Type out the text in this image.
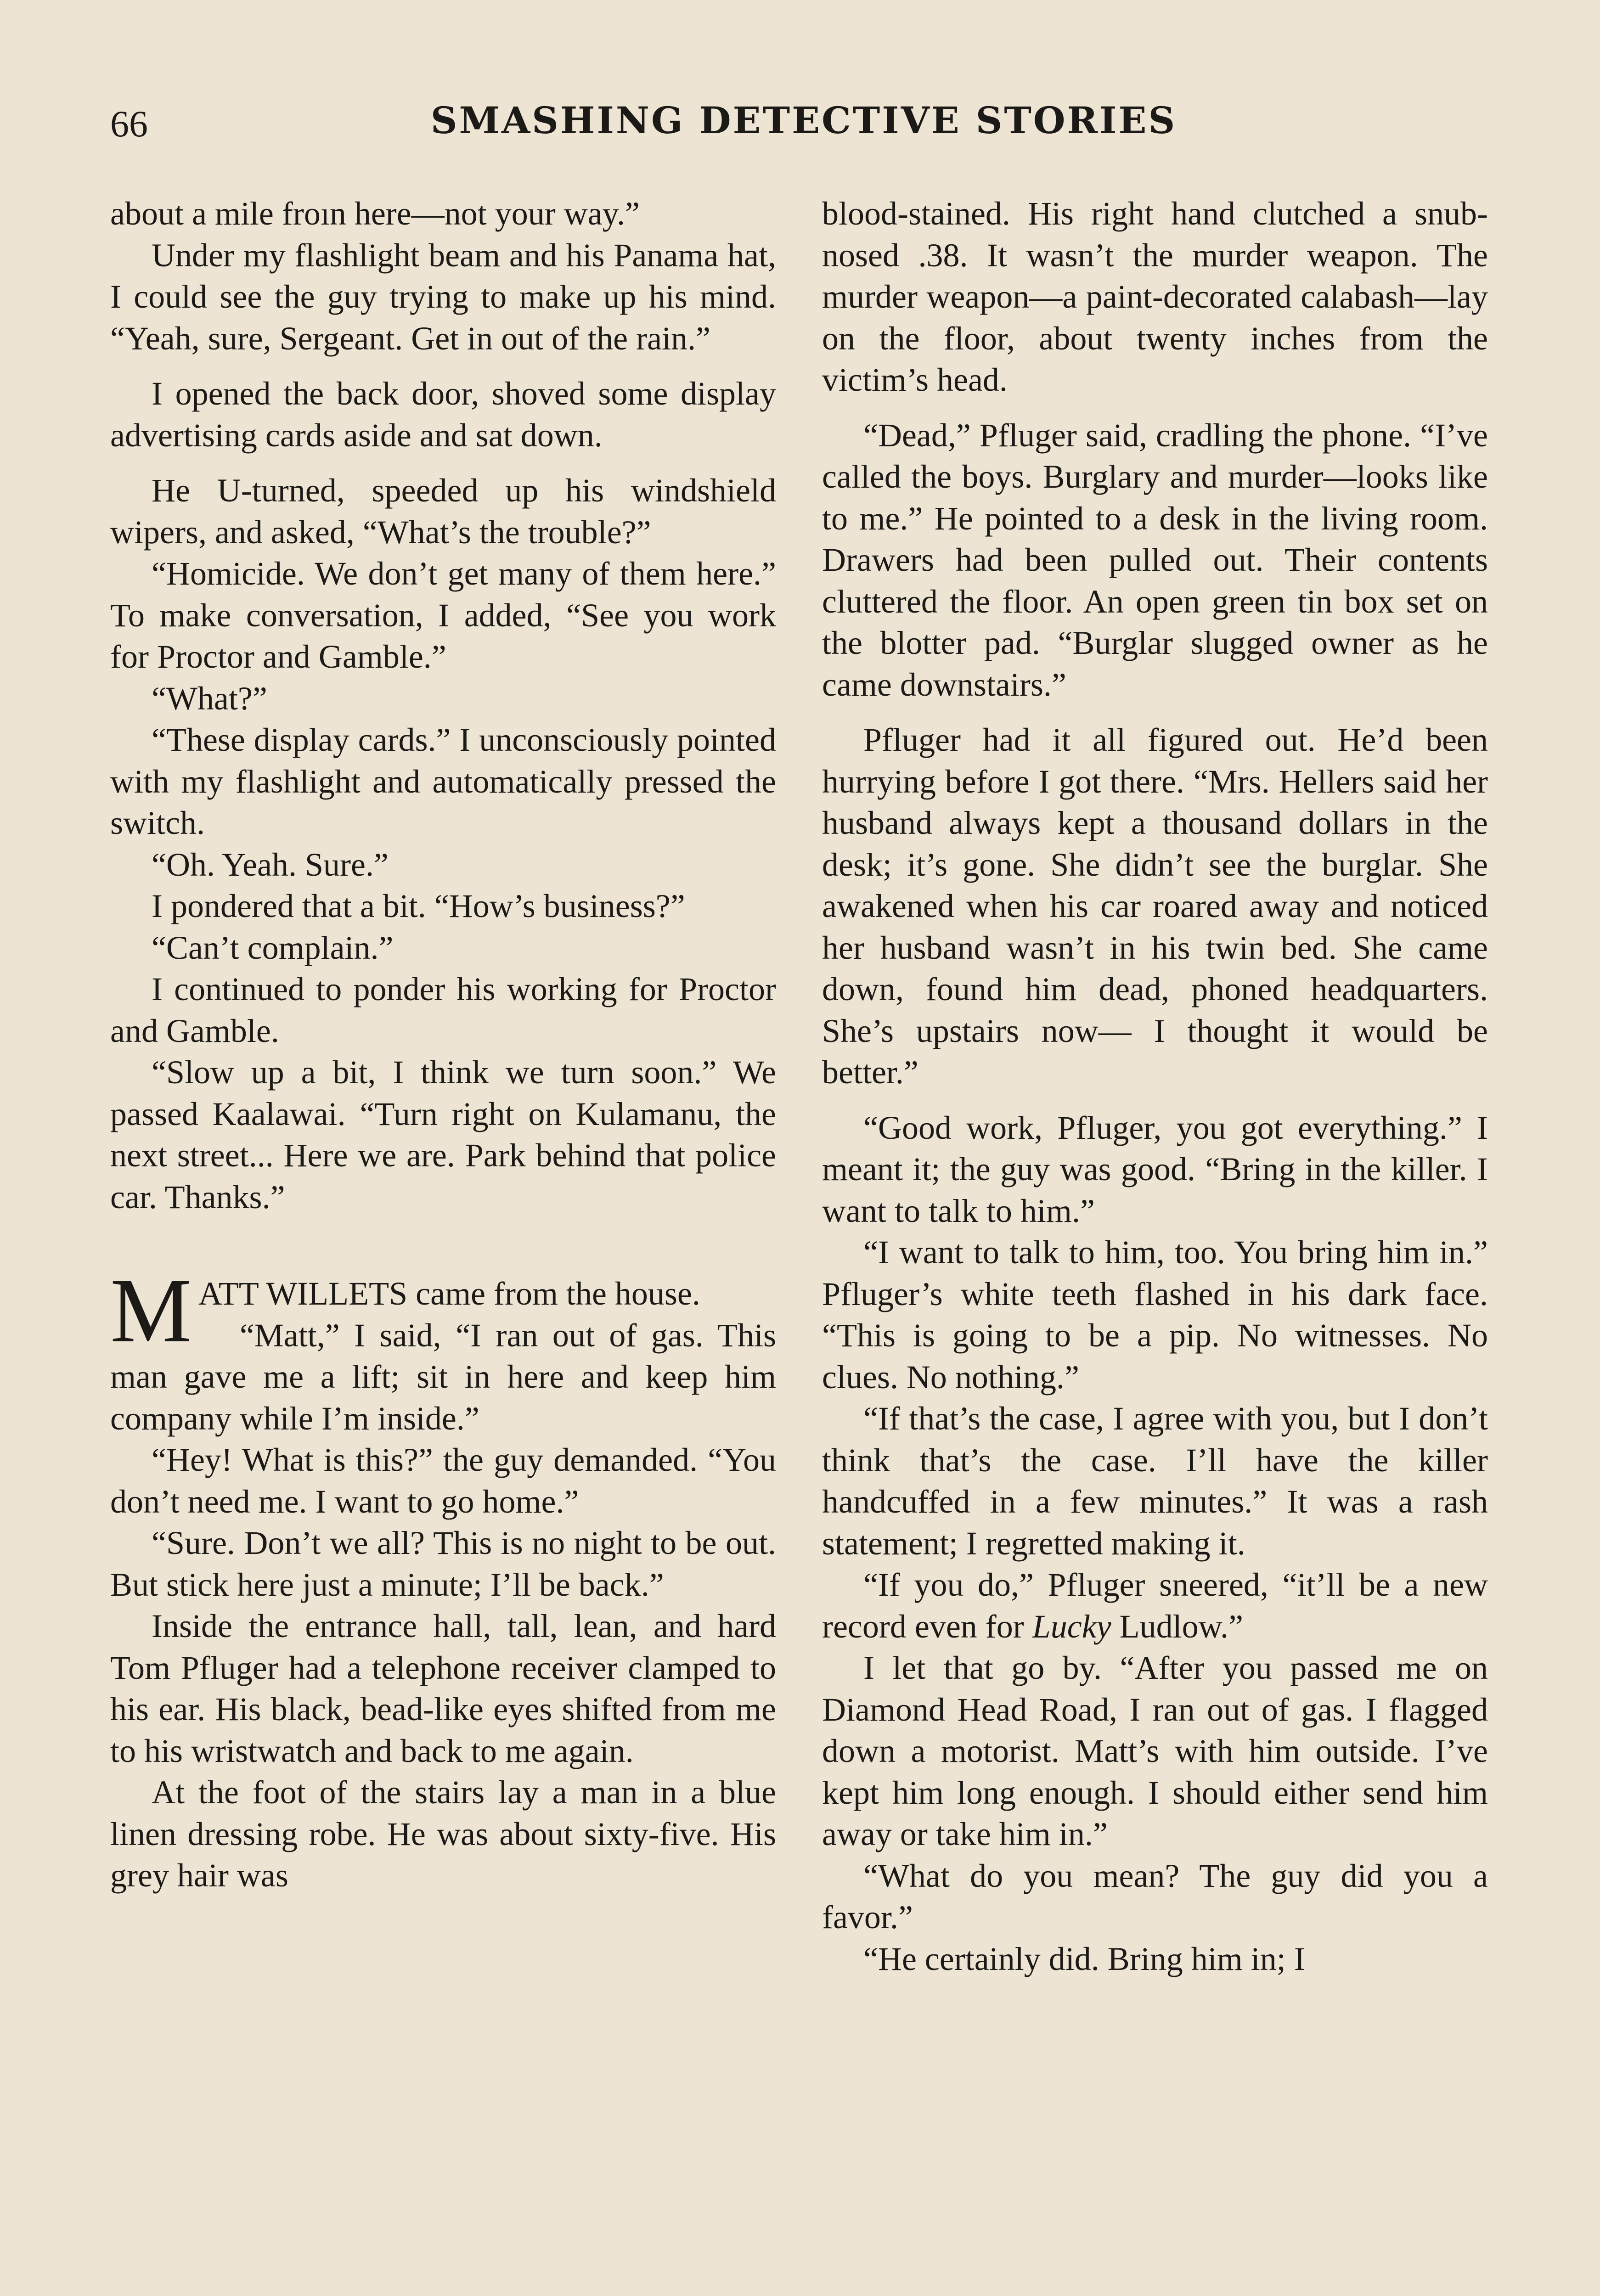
66	SMASHING DETECTIVE STORIES

about a mile froın here—not your way.”

Under my flashlight beam and his Panama hat, I could see the guy trying to make up his mind. “Yeah, sure, Sergeant. Get in out of the rain.”

I opened the back door, shoved some display advertising cards aside and sat down.

He U-turned, speeded up his windshield wipers, and asked, “What’s the trouble?”

“Homicide. We don’t get many of them here.” To make conversation, I added, “See you work for Proctor and Gamble.”

“What?”

“These display cards.” I unconsciously pointed with my flashlight and automatically pressed the switch.

“Oh. Yeah. Sure.”

I pondered that a bit. “How’s business?”

“Can’t complain.”

I continued to ponder his working for Proctor and Gamble.

“Slow up a bit, I think we turn soon.” We passed Kaalawai. “Turn right on Kulamanu, the next street... Here we are. Park behind that police car. Thanks.”

MATT WILLETS came from the house.

“Matt,” I said, “I ran out of gas. This man gave me a lift; sit in here and keep him company while I’m inside.”

“Hey! What is this?” the guy demanded. “You don’t need me. I want to go home.”

“Sure. Don’t we all? This is no night to be out. But stick here just a minute; I’ll be back.”

Inside the entrance hall, tall, lean, and hard Tom Pfluger had a telephone receiver clamped to his ear. His black, bead-like eyes shifted from me to his wristwatch and back to me again.

At the foot of the stairs lay a man in a blue linen dressing robe. He was about sixty-five. His grey hair was

blood-stained. His right hand clutched a snub-nosed .38. It wasn’t the murder weapon. The murder weapon—a paint-decorated calabash—lay on the floor, about twenty inches from the victim’s head.

“Dead,” Pfluger said, cradling the phone. “I’ve called the boys. Burglary and murder—looks like to me.” He pointed to a desk in the living room. Drawers had been pulled out. Their contents cluttered the floor. An open green tin box set on the blotter pad. “Burglar slugged owner as he came downstairs.”

Pfluger had it all figured out. He’d been hurrying before I got there. “Mrs. Hellers said her husband always kept a thousand dollars in the desk; it’s gone. She didn’t see the burglar. She awakened when his car roared away and noticed her husband wasn’t in his twin bed. She came down, found him dead, phoned headquarters. She’s upstairs now— I thought it would be better.”

“Good work, Pfluger, you got everything.” I meant it; the guy was good. “Bring in the killer. I want to talk to him.”

“I want to talk to him, too. You bring him in.” Pfluger’s white teeth flashed in his dark face. “This is going to be a pip. No witnesses. No clues. No nothing.”

“If that’s the case, I agree with you, but I don’t think that’s the case. I’ll have the killer handcuffed in a few minutes.” It was a rash statement; I regretted making it.

“If you do,” Pfluger sneered, “it’ll be a new record even for Lucky Ludlow.”

I let that go by. “After you passed me on Diamond Head Road, I ran out of gas. I flagged down a motorist. Matt’s with him outside. I’ve kept him long enough. I should either send him away or take him in.”

“What do you mean? The guy did you a favor.”

“He certainly did. Bring him in; I
